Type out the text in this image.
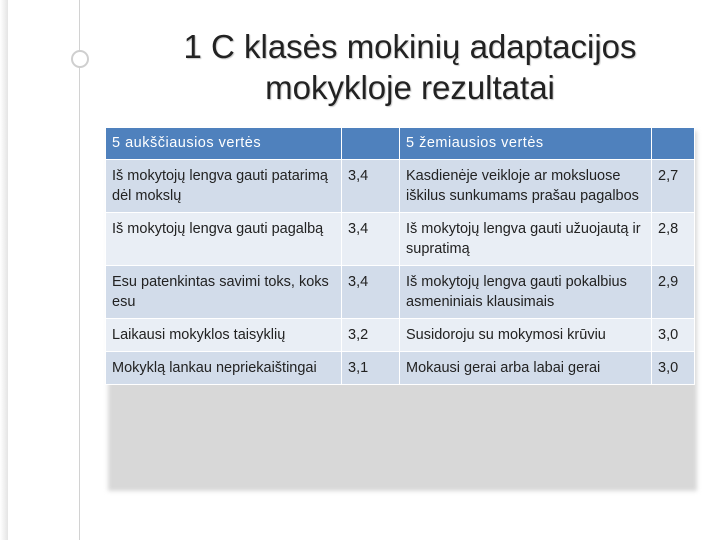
1 C klasės mokinių adaptacijos
mokykloje rezultatai
5 aukščiausios vertės		5 žemiausios vertės	
Iš mokytojų lengva gauti patarimą dėl mokslų	3,4	Kasdienėje veikloje ar moksluose iškilus sunkumams prašau pagalbos	2,7
Iš mokytojų lengva gauti pagalbą	3,4	Iš mokytojų lengva gauti užuojautą ir supratimą	2,8
Esu patenkintas savimi toks, koks esu	3,4	Iš mokytojų lengva gauti pokalbius asmeniniais klausimais	2,9
Laikausi mokyklos taisyklių	3,2	Susidoroju su mokymosi krūviu	3,0
Mokyklą lankau nepriekaištingai	3,1	Mokausi gerai arba labai gerai	3,0
